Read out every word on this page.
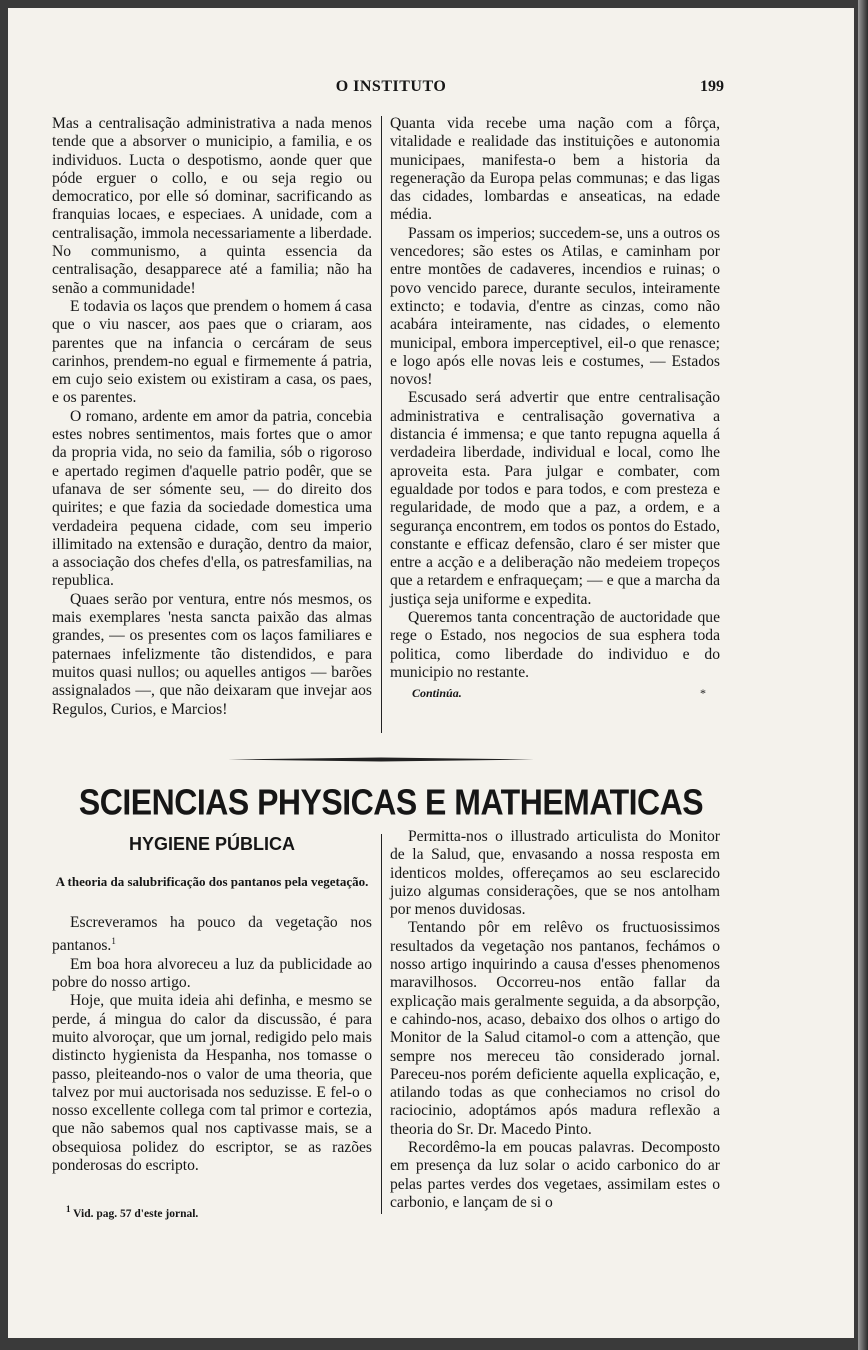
O INSTITUTO	199

Mas a centralisação administrativa a nada menos tende que a absorver o municipio, a familia, e os individuos. Lucta o despotismo, aonde quer que póde erguer o collo, e ou seja regio ou democratico, por elle só dominar, sacrificando as franquias locaes, e especiaes. A unidade, com a centralisação, immola necessariamente a liberdade. No communismo, a quinta essencia da centralisação, desapparece até a familia; não ha senão a communidade!

E todavia os laços que prendem o homem á casa que o viu nascer, aos paes que o criaram, aos parentes que na infancia o cercáram de seus carinhos, prendem-no egual e firmemente á patria, em cujo seio existem ou existiram a casa, os paes, e os parentes.

O romano, ardente em amor da patria, concebia estes nobres sentimentos, mais fortes que o amor da propria vida, no seio da familia, sób o rigoroso e apertado regimen d'aquelle patrio podêr, que se ufanava de ser sómente seu, — do direito dos quirites; e que fazia da sociedade domestica uma verdadeira pequena cidade, com seu imperio illimitado na extensão e duração, dentro da maior, a associação dos chefes d'ella, os patresfamilias, na republica.

Quaes serão por ventura, entre nós mesmos, os mais exemplares 'nesta sancta paixão das almas grandes, — os presentes com os laços familiares e paternaes infelizmente tão distendidos, e para muitos quasi nullos; ou aquelles antigos — barões assignalados —, que não deixaram que invejar aos Regulos, Curios, e Marcios!

Quanta vida recebe uma nação com a fôrça, vitalidade e realidade das instituições e autonomia municipaes, manifesta-o bem a historia da regeneração da Europa pelas communas; e das ligas das cidades, lombardas e anseaticas, na edade média.

Passam os imperios; succedem-se, uns a outros os vencedores; são estes os Atilas, e caminham por entre montões de cadaveres, incendios e ruinas; o povo vencido parece, durante seculos, inteiramente extincto; e todavia, d'entre as cinzas, como não acabára inteiramente, nas cidades, o elemento municipal, embora imperceptivel, eil-o que renasce; e logo após elle novas leis e costumes, — Estados novos!

Escusado será advertir que entre centralisação administrativa e centralisação governativa a distancia é immensa; e que tanto repugna aquella á verdadeira liberdade, individual e local, como lhe aproveita esta. Para julgar e combater, com egualdade por todos e para todos, e com presteza e regularidade, de modo que a paz, a ordem, e a segurança encontrem, em todos os pontos do Estado, constante e efficaz defensão, claro é ser mister que entre a acção e a deliberação não medeiem tropeços que a retardem e enfraqueçam; — e que a marcha da justiça seja uniforme e expedita.

Queremos tanta concentração de auctoridade que rege o Estado, nos negocios de sua esphera toda politica, como liberdade do individuo e do municipio no restante.

Continúa.	*
SCIENCIAS PHYSICAS E MATHEMATICAS
HYGIENE PÚBLICA
A theoria da salubrificação dos pantanos pela vegetação.

Escreveramos ha pouco da vegetação nos pantanos.$^1$

Em boa hora alvoreceu a luz da publicidade ao pobre do nosso artigo.

Hoje, que muita ideia ahi definha, e mesmo se perde, á mingua do calor da discussão, é para muito alvoroçar, que um jornal, redigido pelo mais distincto hygienista da Hespanha, nos tomasse o passo, pleiteando-nos o valor de uma theoria, que talvez por mui auctorisada nos seduzisse. E fel-o o nosso excellente collega com tal primor e cortezia, que não sabemos qual nos captivasse mais, se a obsequiosa polidez do escriptor, se as razões ponderosas do escripto.

Permitta-nos o illustrado articulista do Monitor de la Salud, que, envasando a nossa resposta em identicos moldes, offereçamos ao seu esclarecido juizo algumas considerações, que se nos antolham por menos duvidosas.

Tentando pôr em relêvo os fructuosissimos resultados da vegetação nos pantanos, fechámos o nosso artigo inquirindo a causa d'esses phenomenos maravilhosos. Occorreu-nos então fallar da explicação mais geralmente seguida, a da absorpção, e cahindo-nos, acaso, debaixo dos olhos o artigo do Monitor de la Salud citamol-o com a attenção, que sempre nos mereceu tão considerado jornal. Pareceu-nos porém deficiente aquella explicação, e, atilando todas as que conheciamos no crisol do raciocinio, adoptámos após madura reflexão a theoria do Sr. Dr. Macedo Pinto.

Recordêmo-la em poucas palavras. Decomposto em presença da luz solar o acido carbonico do ar pelas partes verdes dos vegetaes, assimilam estes o carbonio, e lançam de si o

$^1$ Vid. pag. 57 d'este jornal.
